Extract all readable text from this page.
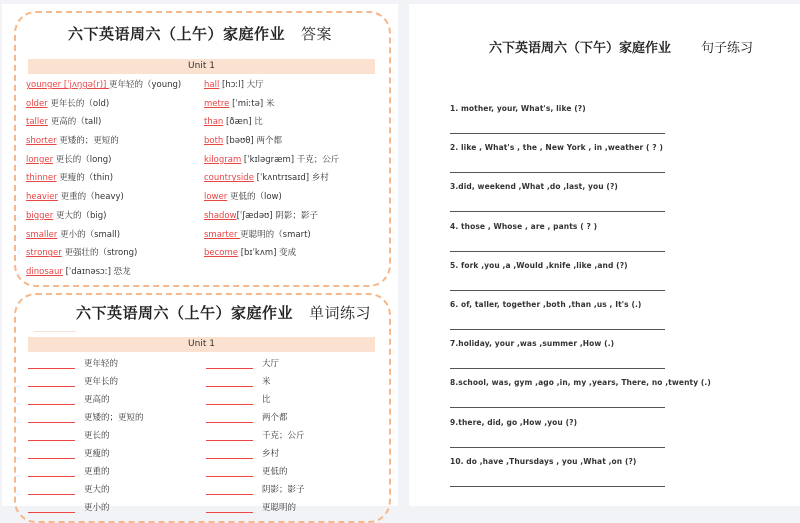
六下英语周六（上午）家庭作业 答案
Unit 1
younger [ˈjʌŋɡə(r)] 更年轻的（young)
older 更年长的（old)
taller 更高的（tall)
shorter 更矮的；更短的
longer 更长的（long)
thinner 更瘦的（thin)
heavier 更重的（heavy)
bigger 更大的（big)
smaller 更小的（small)
stronger 更强壮的（strong)
dinosaur [ˈdaɪnəsɔː] 恐龙
hall [hɔːl] 大厅
metre [ˈmiːtə] 米
than [ðæn] 比
both [bəʊθ] 两个都
kilogram [ˈkɪləɡræm] 千克；公斤
countryside [ˈkʌntrɪsaɪd] 乡村
lower 更低的（low)
shadow[ˈʃædəʊ] 阴影；影子
smarter 更聪明的（smart)
become [bɪˈkʌm] 变成
六下英语周六（上午）家庭作业 单词练习
Unit 1
更年轻的
更年长的
更高的
更矮的；更短的
更长的
更瘦的
更重的
更大的
更小的
大厅
米
比
两个都
千克；公斤
乡村
更低的
阴影；影子
更聪明的
六下英语周六（下午）家庭作业 句子练习
1. mother, your, What's, like (?)
2. like , What's , the , New York , in ,weather ( ? )
3.did, weekend ,What ,do ,last, you (?)
4. those , Whose , are , pants ( ? )
5. fork ,you ,a ,Would ,knife ,like ,and (?)
6. of, taller, together ,both ,than ,us , It's (.)
7.holiday, your ,was ,summer ,How (.)
8.school, was, gym ,ago ,in, my ,years, There, no ,twenty (.)
9.there, did, go ,How ,you (?)
10. do ,have ,Thursdays , you ,What ,on (?)
